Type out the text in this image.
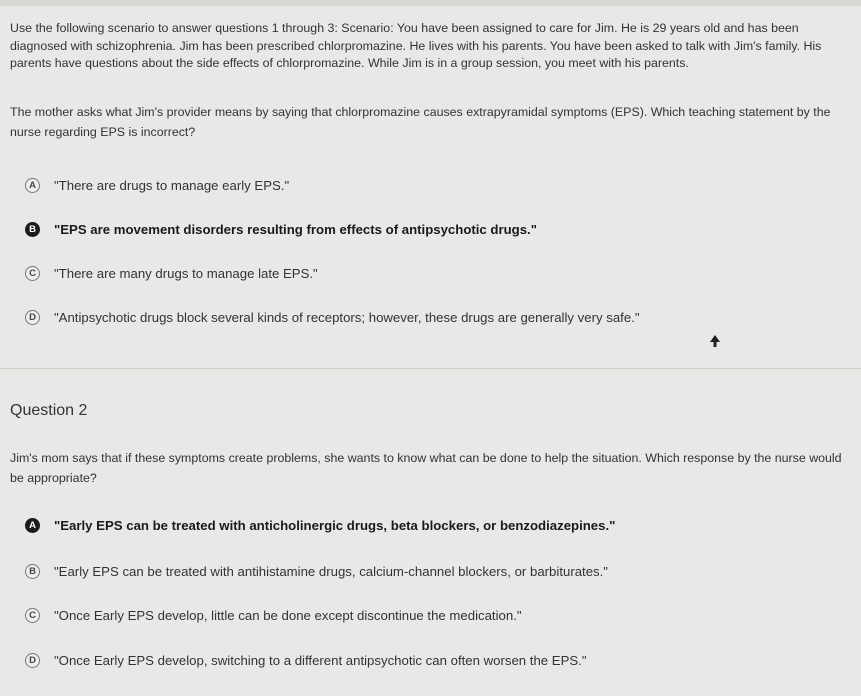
Use the following scenario to answer questions 1 through 3: Scenario: You have been assigned to care for Jim. He is 29 years old and has been diagnosed with schizophrenia. Jim has been prescribed chlorpromazine. He lives with his parents. You have been asked to talk with Jim's family. His parents have questions about the side effects of chlorpromazine. While Jim is in a group session, you meet with his parents.
The mother asks what Jim's provider means by saying that chlorpromazine causes extrapyramidal symptoms (EPS). Which teaching statement by the nurse regarding EPS is incorrect?
A	"There are drugs to manage early EPS."
B	"EPS are movement disorders resulting from effects of antipsychotic drugs."
C	"There are many drugs to manage late EPS."
D	"Antipsychotic drugs block several kinds of receptors; however, these drugs are generally very safe."
Question 2
Jim's mom says that if these symptoms create problems, she wants to know what can be done to help the situation. Which response by the nurse would be appropriate?
A	"Early EPS can be treated with anticholinergic drugs, beta blockers, or benzodiazepines."
B	"Early EPS can be treated with antihistamine drugs, calcium-channel blockers, or barbiturates."
C	"Once Early EPS develop, little can be done except discontinue the medication."
D	"Once Early EPS develop, switching to a different antipsychotic can often worsen the EPS."
